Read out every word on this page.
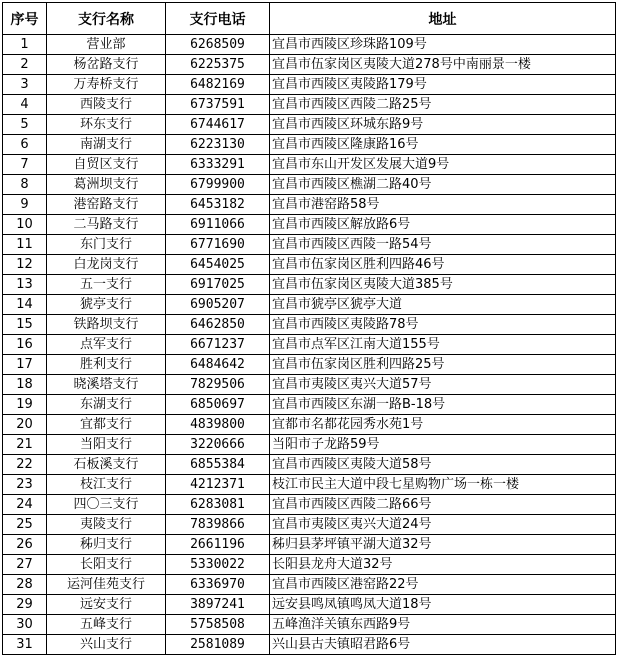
序号	支行名称	支行电话	地址
1	营业部	6268509	宜昌市西陵区珍珠路109号
2	杨岔路支行	6225375	宜昌市伍家岗区夷陵大道278号中南丽景一楼
3	万寿桥支行	6482169	宜昌市西陵区夷陵路179号
4	西陵支行	6737591	宜昌市西陵区西陵二路25号
5	环东支行	6744617	宜昌市西陵区环城东路9号
6	南湖支行	6223130	宜昌市西陵区隆康路16号
7	自贸区支行	6333291	宜昌市东山开发区发展大道9号
8	葛洲坝支行	6799900	宜昌市西陵区樵湖二路40号
9	港窑路支行	6453182	宜昌市港窑路58号
10	二马路支行	6911066	宜昌市西陵区解放路6号
11	东门支行	6771690	宜昌市西陵区西陵一路54号
12	白龙岗支行	6454025	宜昌市伍家岗区胜利四路46号
13	五一支行	6917025	宜昌市伍家岗区夷陵大道385号
14	猇亭支行	6905207	宜昌市猇亭区猇亭大道
15	铁路坝支行	6462850	宜昌市西陵区夷陵路78号
16	点军支行	6671237	宜昌市点军区江南大道155号
17	胜利支行	6484642	宜昌市伍家岗区胜利四路25号
18	晓溪塔支行	7829506	宜昌市夷陵区夷兴大道57号
19	东湖支行	6850697	宜昌市西陵区东湖一路B-18号
20	宜都支行	4839800	宜都市名都花园秀水苑1号
21	当阳支行	3220666	当阳市子龙路59号
22	石板溪支行	6855384	宜昌市西陵区夷陵大道58号
23	枝江支行	4212371	枝江市民主大道中段七星购物广场一栋一楼
24	四〇三支行	6283081	宜昌市西陵区西陵二路66号
25	夷陵支行	7839866	宜昌市夷陵区夷兴大道24号
26	秭归支行	2661196	秭归县茅坪镇平湖大道32号
27	长阳支行	5330022	长阳县龙舟大道32号
28	运河佳苑支行	6336970	宜昌市西陵区港窑路22号
29	远安支行	3897241	远安县鸣凤镇鸣凤大道18号
30	五峰支行	5758508	五峰渔洋关镇东西路9号
31	兴山支行	2581089	兴山县古夫镇昭君路6号
